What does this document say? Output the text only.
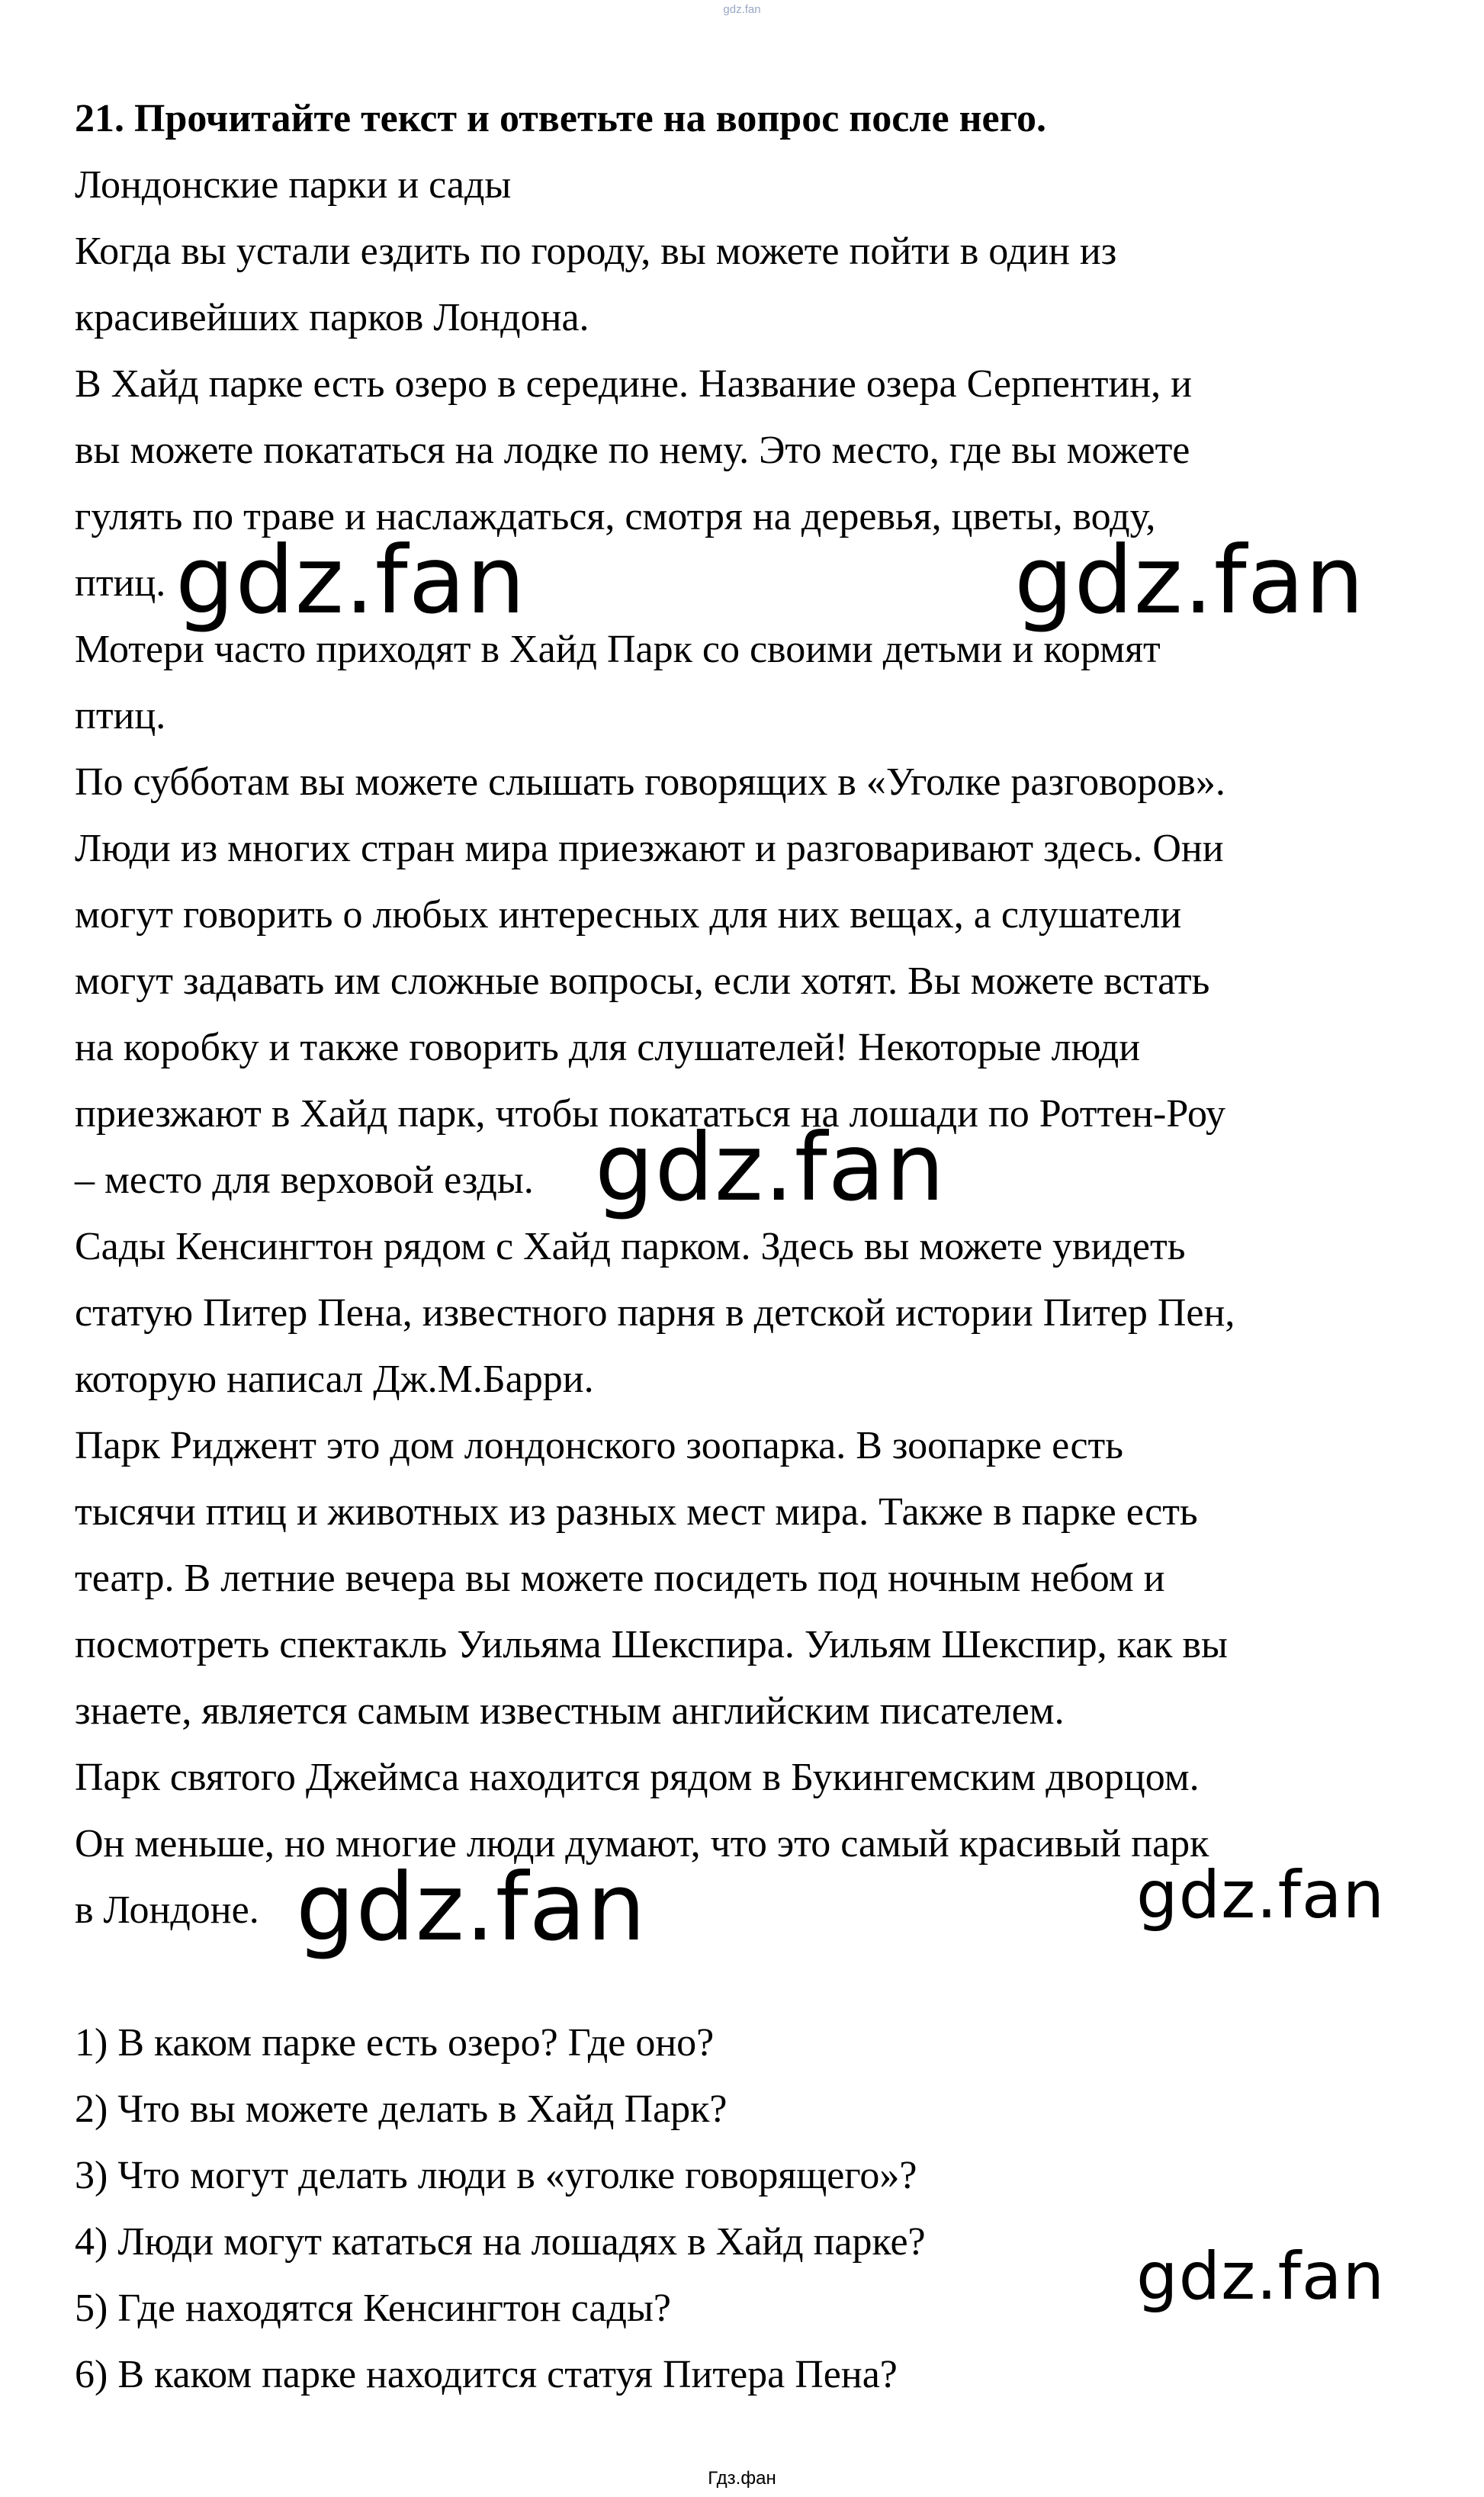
gdz.fan

21. Прочитайте текст и ответьте на вопрос после него.

Лондонские парки и сады

Когда вы устали ездить по городу, вы можете пойти в один из

красивейших парков Лондона.

В Хайд парке есть озеро в середине. Название озера Серпентин, и

вы можете покататься на лодке по нему. Это место, где вы можете

гулять по траве и наслаждаться, смотря на деревья, цветы, воду,

птиц.

Мотери часто приходят в Хайд Парк со своими детьми и кормят

птиц.

По субботам вы можете слышать говорящих в «Уголке разговоров».

Люди из многих стран мира приезжают и разговаривают здесь. Они

могут говорить о любых интересных для них вещах, а слушатели

могут задавать им сложные вопросы, если хотят. Вы можете встать

на коробку и также говорить для слушателей! Некоторые люди

приезжают в Хайд парк, чтобы покататься на лошади по Роттен-Роу

– место для верховой езды.

Сады Кенсингтон рядом с Хайд парком. Здесь вы можете увидеть

статую Питер Пена, известного парня в детской истории Питер Пен,

которую написал Дж.М.Барри.

Парк Риджент это дом лондонского зоопарка. В зоопарке есть

тысячи птиц и животных из разных мест мира. Также в парке есть

театр. В летние вечера вы можете посидеть под ночным небом и

посмотреть спектакль Уильяма Шекспира. Уильям Шекспир, как вы

знаете, является самым известным английским писателем.

Парк святого Джеймса находится рядом в Букингемским дворцом.

Он меньше, но многие люди думают, что это самый красивый парк

в Лондоне.

1) В каком парке есть озеро? Где оно?

2) Что вы можете делать в Хайд Парк?

3) Что могут делать люди в «уголке говорящего»?

4) Люди могут кататься на лошадях в Хайд парке?

5) Где находятся Кенсингтон сады?

6) В каком парке находится статуя Питера Пена?

gdz.fan	gdz.fan
gdz.fan
gdz.fan	gdz.fan
gdz.fan
Гдз.фан
